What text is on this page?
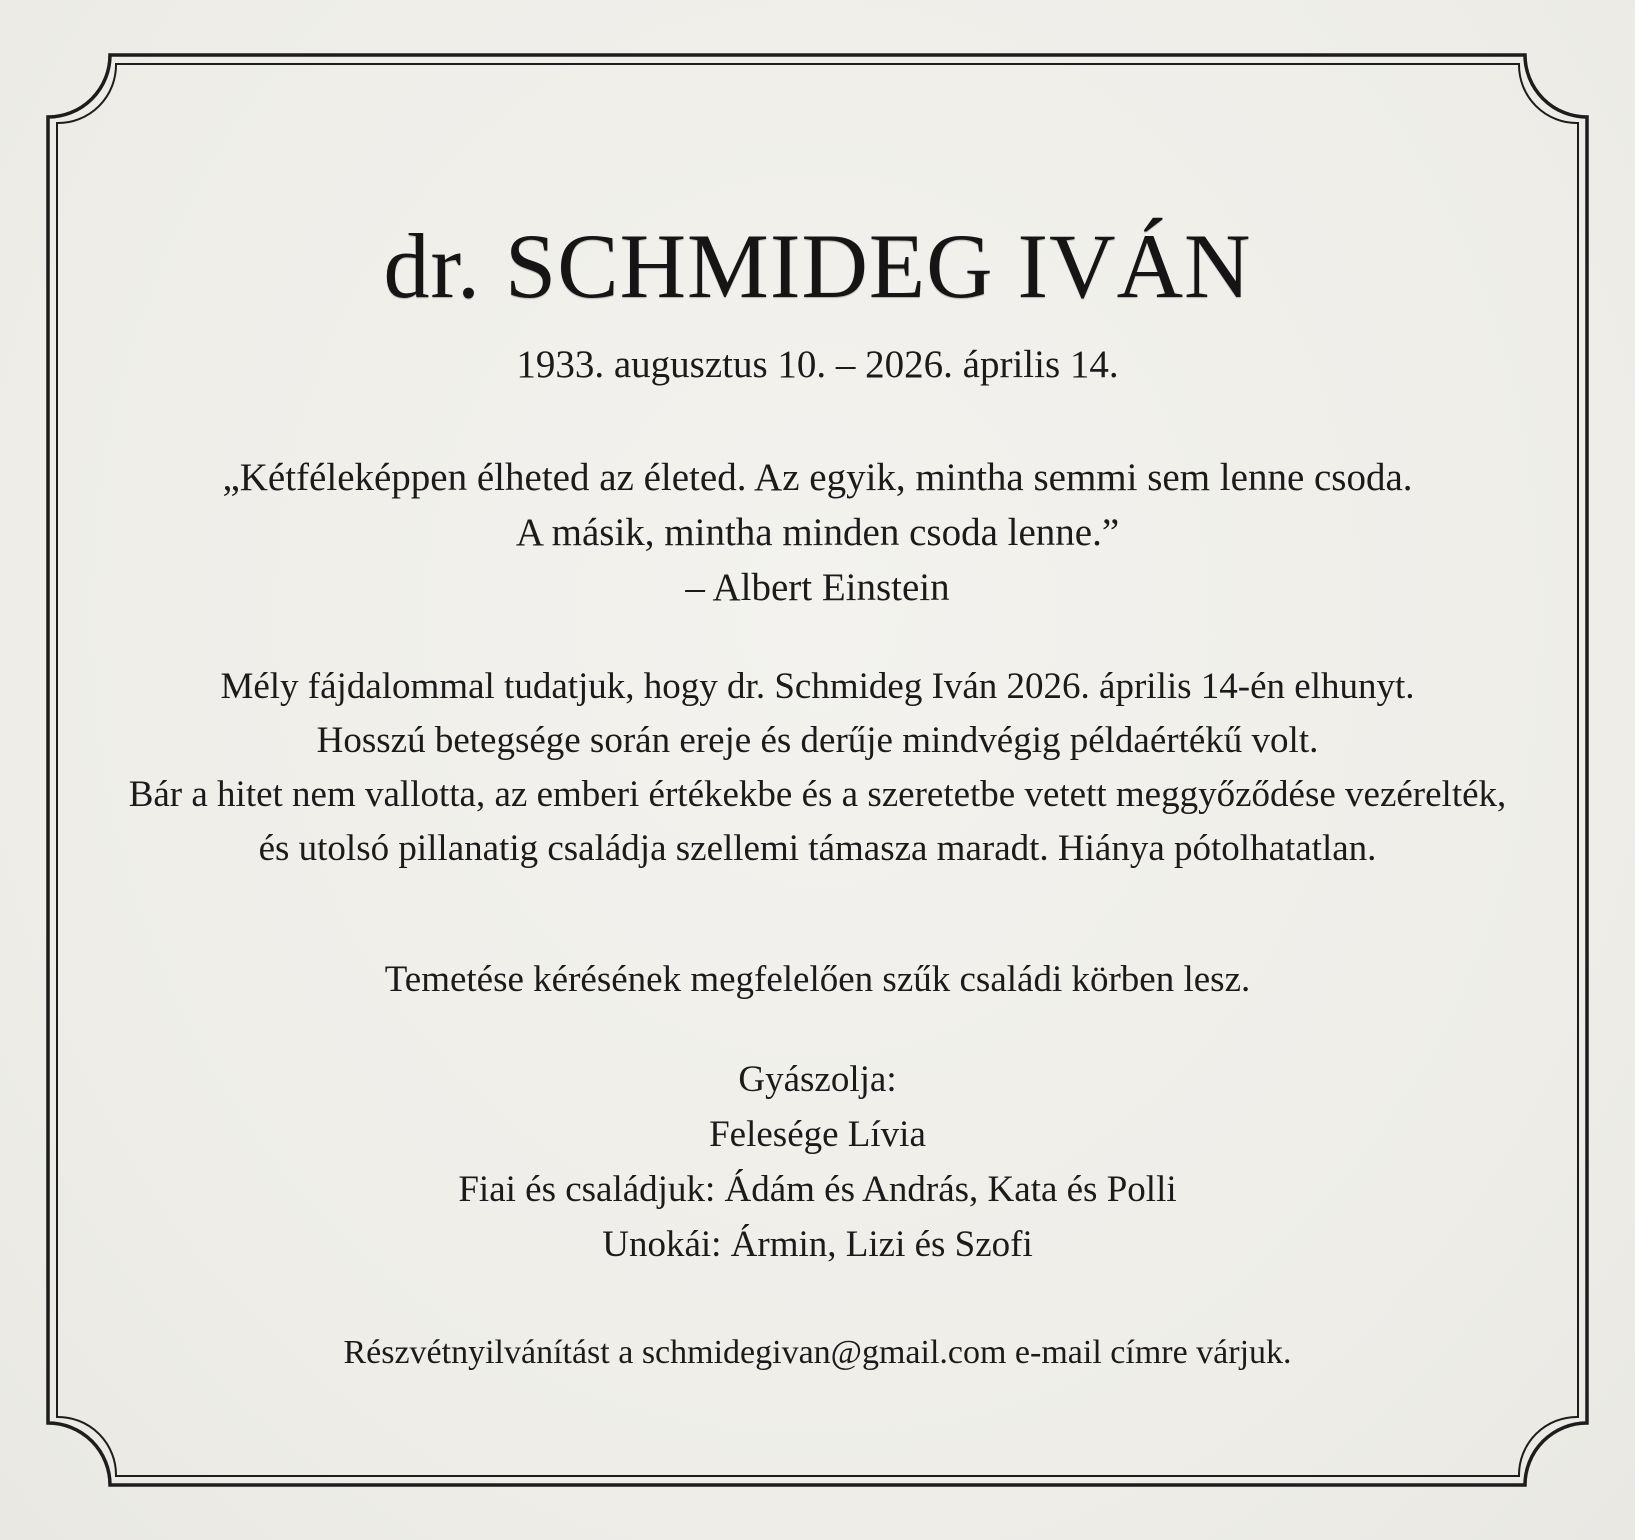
dr. SCHMIDEG IVÁN
1933. augusztus 10. – 2026. április 14.
„Kétféleképpen élheted az életed. Az egyik, mintha semmi sem lenne csoda.
A másik, mintha minden csoda lenne.”
– Albert Einstein
Mély fájdalommal tudatjuk, hogy dr. Schmideg Iván 2026. április 14-én elhunyt.
Hosszú betegsége során ereje és derűje mindvégig példaértékű volt.
Bár a hitet nem vallotta, az emberi értékekbe és a szeretetbe vetett meggyőződése vezérelték,
és utolsó pillanatig családja szellemi támasza maradt. Hiánya pótolhatatlan.
Temetése kérésének megfelelően szűk családi körben lesz.
Gyászolja:
Felesége Lívia
Fiai és családjuk: Ádám és András, Kata és Polli
Unokái: Ármin, Lizi és Szofi
Részvétnyilvánítást a schmidegivan@gmail.com e-mail címre várjuk.
